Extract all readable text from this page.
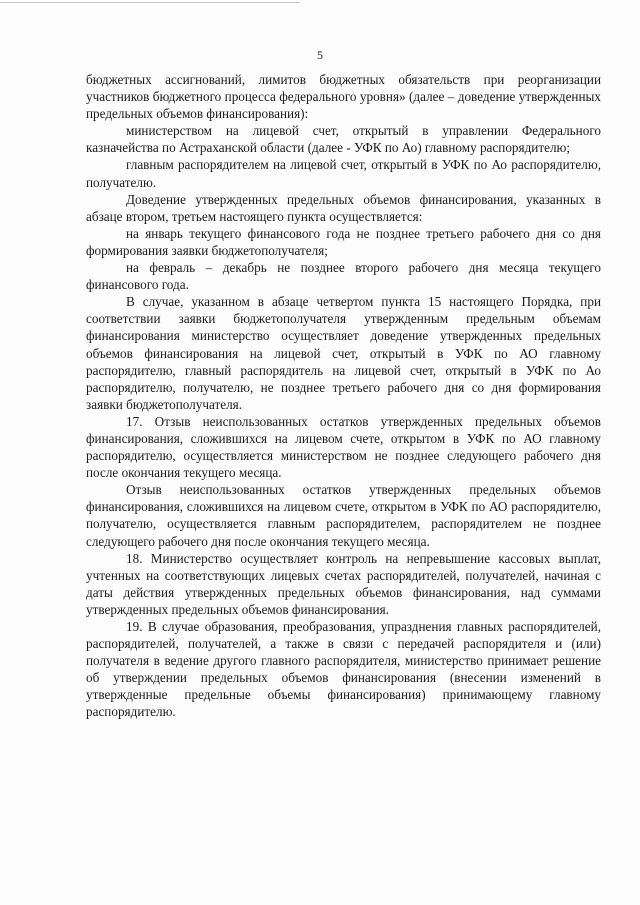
5

бюджетных ассигнований, лимитов бюджетных обязательств при реорганизации участников бюджетного процесса федерального уровня» (далее – доведение утвержденных предельных объемов финансирования):

министерством на лицевой счет, открытый в управлении Федерального казначейства по Астраханской области (далее - УФК по Ао) главному распорядителю;

главным распорядителем на лицевой счет, открытый в УФК по Ао распорядителю, получателю.

Доведение утвержденных предельных объемов финансирования, указанных в абзаце втором, третьем настоящего пункта осуществляется:

на январь текущего финансового года не позднее третьего рабочего дня со дня формирования заявки бюджетополучателя;

на февраль – декабрь не позднее второго рабочего дня месяца текущего финансового года.

В случае, указанном в абзаце четвертом пункта 15 настоящего Порядка, при соответствии заявки бюджетополучателя утвержденным предельным объемам финансирования министерство осуществляет доведение утвержденных предельных объемов финансирования на лицевой счет, открытый в УФК по АО главному распорядителю, главный распорядитель на лицевой счет, открытый в УФК по Ао распорядителю, получателю, не позднее третьего рабочего дня со дня формирования заявки бюджетополучателя.

17. Отзыв неиспользованных остатков утвержденных предельных объемов финансирования, сложившихся на лицевом счете, открытом в УФК по АО главному распорядителю, осуществляется министерством не позднее следующего рабочего дня после окончания текущего месяца.

Отзыв неиспользованных остатков утвержденных предельных объемов финансирования, сложившихся на лицевом счете, открытом в УФК по АО распорядителю, получателю, осуществляется главным распорядителем, распорядителем не позднее следующего рабочего дня после окончания текущего месяца.

18. Министерство осуществляет контроль на непревышение кассовых выплат, учтенных на соответствующих лицевых счетах распорядителей, получателей, начиная с даты действия утвержденных предельных объемов финансирования, над суммами утвержденных предельных объемов финансирования.

19. В случае образования, преобразования, упразднения главных распорядителей, распорядителей, получателей, а также в связи с передачей распорядителя и (или) получателя в ведение другого главного распорядителя, министерство принимает решение об утверждении предельных объемов финансирования (внесении изменений в утвержденные предельные объемы финансирования) принимающему главному распорядителю.
